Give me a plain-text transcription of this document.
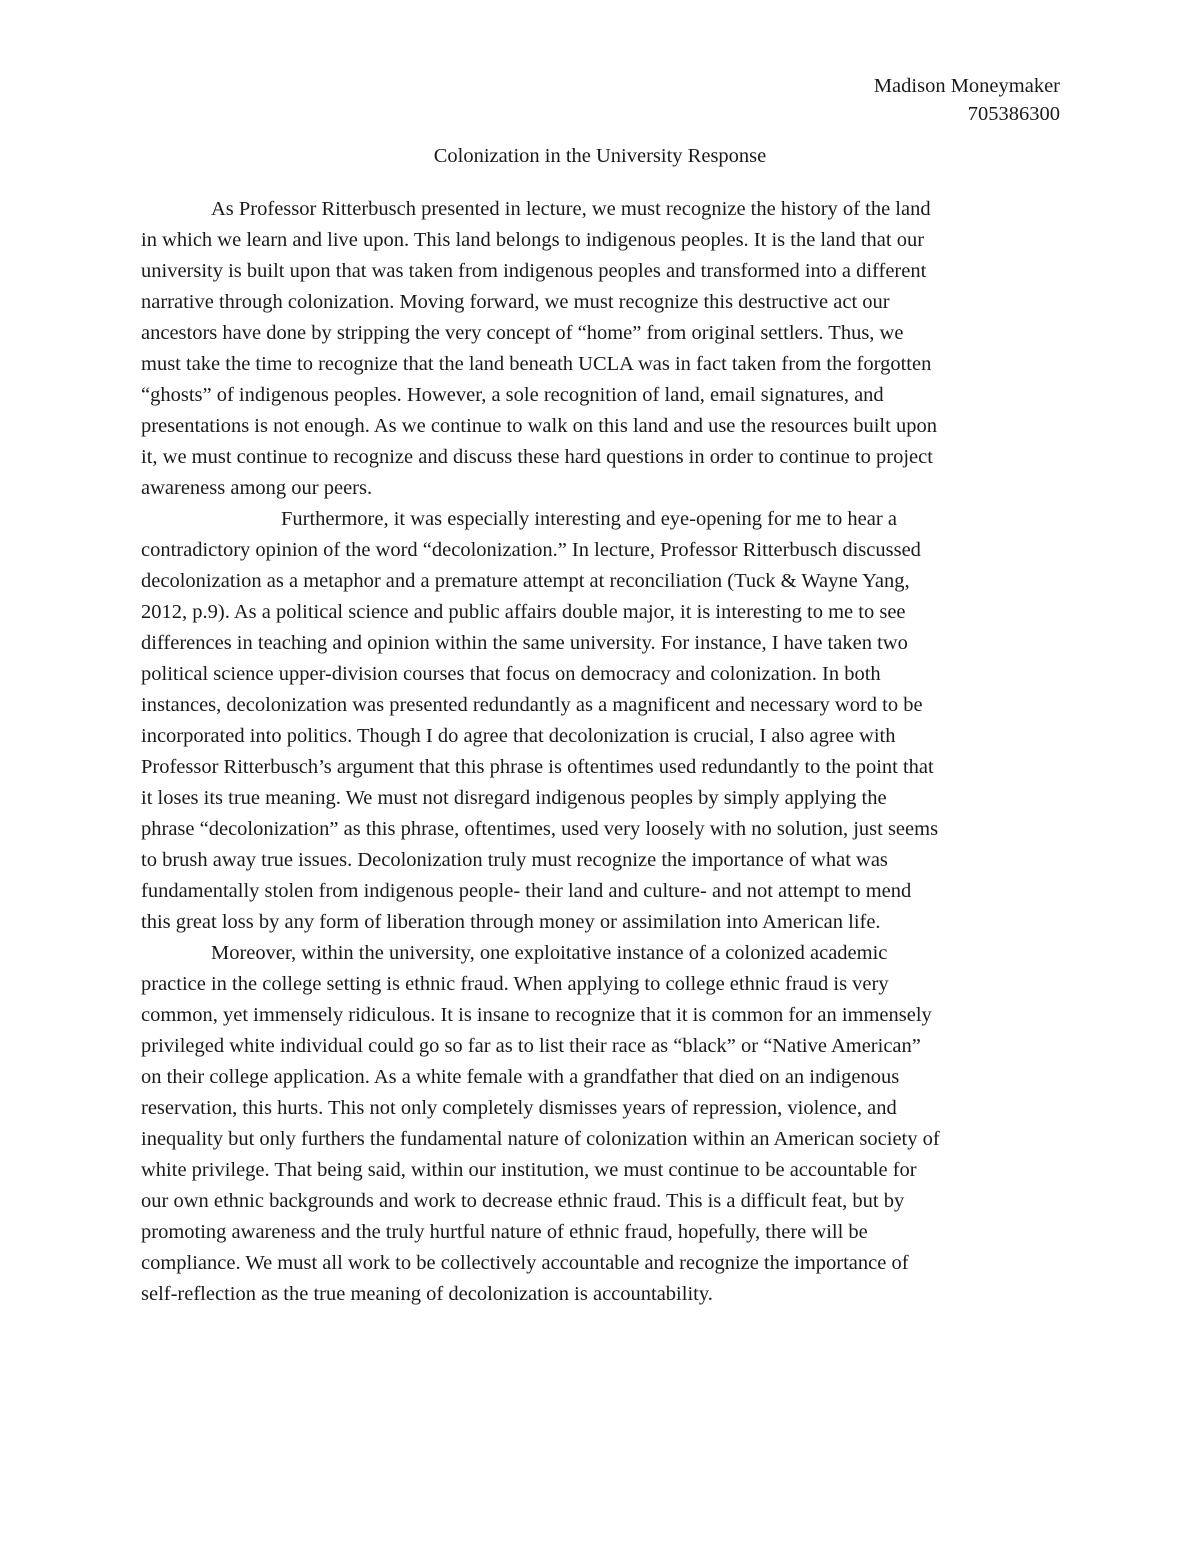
Madison Moneymaker
705386300
Colonization in the University Response
As Professor Ritterbusch presented in lecture, we must recognize the history of the land
in which we learn and live upon. This land belongs to indigenous peoples. It is the land that our
university is built upon that was taken from indigenous peoples and transformed into a different
narrative through colonization. Moving forward, we must recognize this destructive act our
ancestors have done by stripping the very concept of “home” from original settlers. Thus, we
must take the time to recognize that the land beneath UCLA was in fact taken from the forgotten
“ghosts” of indigenous peoples. However, a sole recognition of land, email signatures, and
presentations is not enough. As we continue to walk on this land and use the resources built upon
it, we must continue to recognize and discuss these hard questions in order to continue to project
awareness among our peers.
Furthermore, it was especially interesting and eye-opening for me to hear a
contradictory opinion of the word “decolonization.” In lecture, Professor Ritterbusch discussed
decolonization as a metaphor and a premature attempt at reconciliation (Tuck & Wayne Yang,
2012, p.9). As a political science and public affairs double major, it is interesting to me to see
differences in teaching and opinion within the same university. For instance, I have taken two
political science upper-division courses that focus on democracy and colonization. In both
instances, decolonization was presented redundantly as a magnificent and necessary word to be
incorporated into politics. Though I do agree that decolonization is crucial, I also agree with
Professor Ritterbusch’s argument that this phrase is oftentimes used redundantly to the point that
it loses its true meaning. We must not disregard indigenous peoples by simply applying the
phrase “decolonization” as this phrase, oftentimes, used very loosely with no solution, just seems
to brush away true issues. Decolonization truly must recognize the importance of what was
fundamentally stolen from indigenous people- their land and culture- and not attempt to mend
this great loss by any form of liberation through money or assimilation into American life.
Moreover, within the university, one exploitative instance of a colonized academic
practice in the college setting is ethnic fraud. When applying to college ethnic fraud is very
common, yet immensely ridiculous. It is insane to recognize that it is common for an immensely
privileged white individual could go so far as to list their race as “black” or “Native American”
on their college application. As a white female with a grandfather that died on an indigenous
reservation, this hurts. This not only completely dismisses years of repression, violence, and
inequality but only furthers the fundamental nature of colonization within an American society of
white privilege. That being said, within our institution, we must continue to be accountable for
our own ethnic backgrounds and work to decrease ethnic fraud. This is a difficult feat, but by
promoting awareness and the truly hurtful nature of ethnic fraud, hopefully, there will be
compliance. We must all work to be collectively accountable and recognize the importance of
self-reflection as the true meaning of decolonization is accountability.
